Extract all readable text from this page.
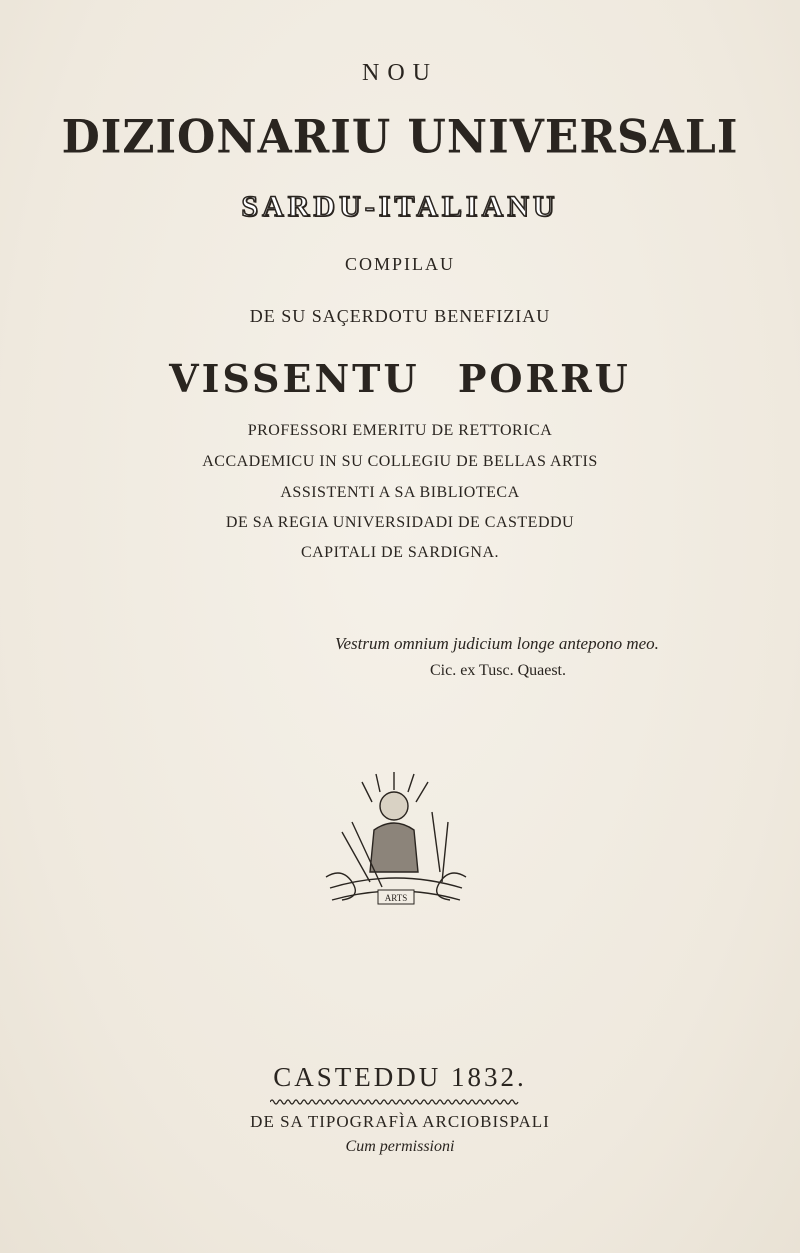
NOU
DIZIONARIU UNIVERSALI
SARDU-ITALIANU
COMPILAU
DE SU SAÇERDOTU BENEFIZIAU
VISSENTU PORRU
PROFESSORI EMERITU DE RETTORICA
ACCADEMICU IN SU COLLEGIU DE BELLAS ARTIS
ASSISTENTI A SA BIBLIOTECA
DE SA REGIA UNIVERSIDADI DE CASTEDDU
CAPITALI DE SARDIGNA.
Vestrum omnium judicium longe antepono meo.
Cic. ex Tusc. Quaest.
ARTS
CASTEDDU 1832.
DE SA TIPOGRAFÌA ARCIOBISPALI
Cum permissioni
